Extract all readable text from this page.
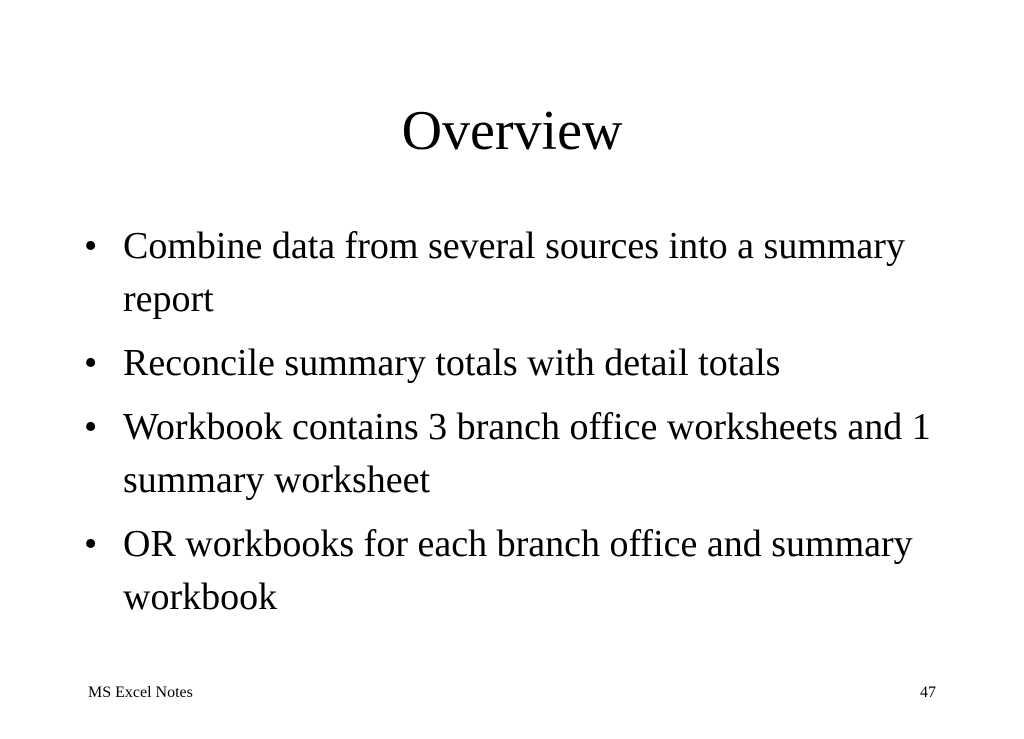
Overview
• Combine data from several sources into a summary report
• Reconcile summary totals with detail totals
• Workbook contains 3 branch office worksheets and 1 summary worksheet
• OR workbooks for each branch office and summary workbook
MS Excel Notes	47
